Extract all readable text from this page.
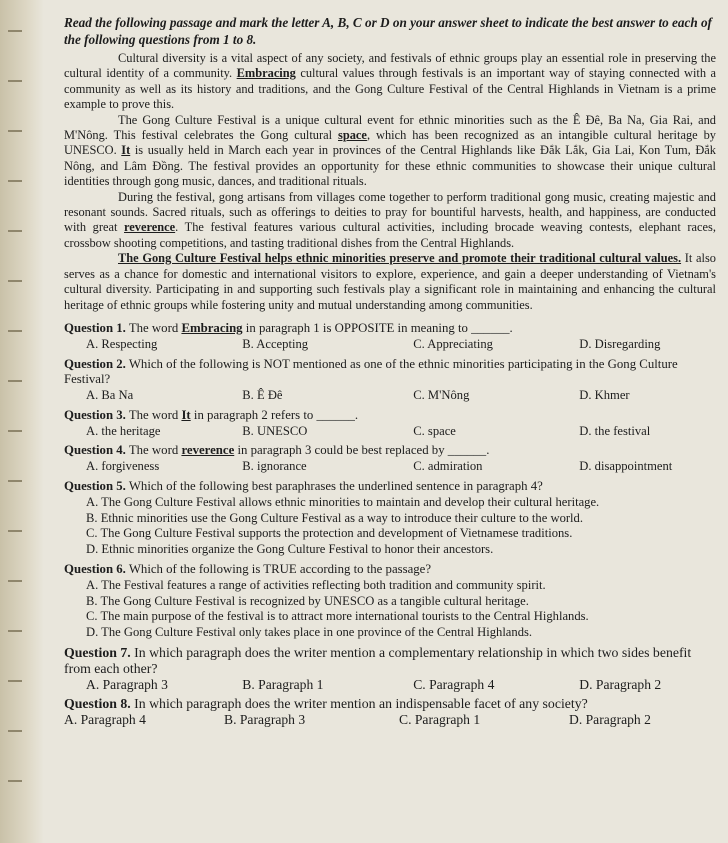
Read the following passage and mark the letter A, B, C or D on your answer sheet to indicate the best answer to each of the following questions from 1 to 8.

Cultural diversity is a vital aspect of any society, and festivals of ethnic groups play an essential role in preserving the cultural identity of a community. Embracing cultural values through festivals is an important way of staying connected with a community as well as its history and traditions, and the Gong Culture Festival of the Central Highlands in Vietnam is a prime example to prove this.

The Gong Culture Festival is a unique cultural event for ethnic minorities such as the Ê Đê, Ba Na, Gia Rai, and M'Nông. This festival celebrates the Gong cultural space, which has been recognized as an intangible cultural heritage by UNESCO. It is usually held in March each year in provinces of the Central Highlands like Đắk Lắk, Gia Lai, Kon Tum, Đắk Nông, and Lâm Đồng. The festival provides an opportunity for these ethnic communities to showcase their unique cultural identities through gong music, dances, and traditional rituals.

During the festival, gong artisans from villages come together to perform traditional gong music, creating majestic and resonant sounds. Sacred rituals, such as offerings to deities to pray for bountiful harvests, health, and happiness, are conducted with great reverence. The festival features various cultural activities, including brocade weaving contests, elephant races, crossbow shooting competitions, and tasting traditional dishes from the Central Highlands.

The Gong Culture Festival helps ethnic minorities preserve and promote their traditional cultural values. It also serves as a chance for domestic and international visitors to explore, experience, and gain a deeper understanding of Vietnam's cultural diversity. Participating in and supporting such festivals play a significant role in maintaining and enhancing the cultural heritage of ethnic groups while fostering unity and mutual understanding among communities.

Question 1. The word Embracing in paragraph 1 is OPPOSITE in meaning to ______.
A. Respecting	B. Accepting	C. Appreciating	D. Disregarding
Question 2. Which of the following is NOT mentioned as one of the ethnic minorities participating in the Gong Culture Festival?
A. Ba Na	B. Ê Đê	C. M'Nông	D. Khmer
Question 3. The word It in paragraph 2 refers to ______.
A. the heritage	B. UNESCO	C. space	D. the festival
Question 4. The word reverence in paragraph 3 could be best replaced by ______.
A. forgiveness	B. ignorance	C. admiration	D. disappointment
Question 5. Which of the following best paraphrases the underlined sentence in paragraph 4?
A. The Gong Culture Festival allows ethnic minorities to maintain and develop their cultural heritage.
B. Ethnic minorities use the Gong Culture Festival as a way to introduce their culture to the world.
C. The Gong Culture Festival supports the protection and development of Vietnamese traditions.
D. Ethnic minorities organize the Gong Culture Festival to honor their ancestors.
Question 6. Which of the following is TRUE according to the passage?
A. The Festival features a range of activities reflecting both tradition and community spirit.
B. The Gong Culture Festival is recognized by UNESCO as a tangible cultural heritage.
C. The main purpose of the festival is to attract more international tourists to the Central Highlands.
D. The Gong Culture Festival only takes place in one province of the Central Highlands.
Question 7. In which paragraph does the writer mention a complementary relationship in which two sides benefit from each other?
A. Paragraph 3	B. Paragraph 1	C. Paragraph 4	D. Paragraph 2
Question 8. In which paragraph does the writer mention an indispensable facet of any society?
A. Paragraph 4	B. Paragraph 3	C. Paragraph 1	D. Paragraph 2
